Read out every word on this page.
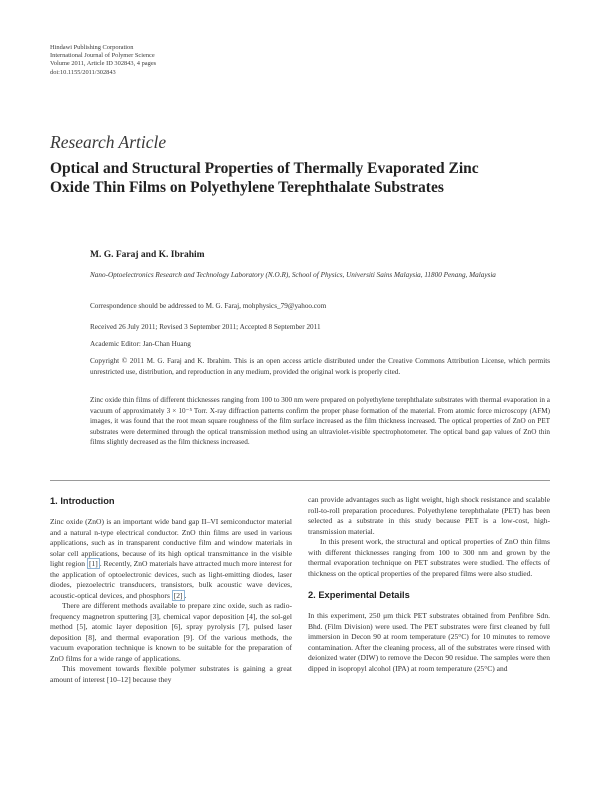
Hindawi Publishing Corporation
International Journal of Polymer Science
Volume 2011, Article ID 302843, 4 pages
doi:10.1155/2011/302843
Research Article
Optical and Structural Properties of Thermally Evaporated Zinc Oxide Thin Films on Polyethylene Terephthalate Substrates
M. G. Faraj and K. Ibrahim
Nano-Optoelectronics Research and Technology Laboratory (N.O.R), School of Physics, Universiti Sains Malaysia, 11800 Penang, Malaysia
Correspondence should be addressed to M. G. Faraj, mohphysics_79@yahoo.com
Received 26 July 2011; Revised 3 September 2011; Accepted 8 September 2011
Academic Editor: Jan-Chan Huang
Copyright © 2011 M. G. Faraj and K. Ibrahim. This is an open access article distributed under the Creative Commons Attribution License, which permits unrestricted use, distribution, and reproduction in any medium, provided the original work is properly cited.
Zinc oxide thin films of different thicknesses ranging from 100 to 300 nm were prepared on polyethylene terephthalate substrates with thermal evaporation in a vacuum of approximately 3 × 10⁻⁵ Torr. X-ray diffraction patterns confirm the proper phase formation of the material. From atomic force microscopy (AFM) images, it was found that the root mean square roughness of the film surface increased as the film thickness increased. The optical properties of ZnO on PET substrates were determined through the optical transmission method using an ultraviolet-visible spectrophotometer. The optical band gap values of ZnO thin films slightly decreased as the film thickness increased.
1. Introduction

Zinc oxide (ZnO) is an important wide band gap II–VI semiconductor material and a natural n-type electrical conductor. ZnO thin films are used in various applications, such as in transparent conductive film and window materials in solar cell applications, because of its high optical transmittance in the visible light region [1] . Recently, ZnO materials have attracted much more interest for the application of optoelectronic devices, such as light-emitting diodes, laser diodes, piezoelectric transducers, transistors, bulk acoustic wave devices, acoustic-optical devices, and phosphors [2] .

There are different methods available to prepare zinc oxide, such as radio-frequency magnetron sputtering [3], chemical vapor deposition [4], the sol-gel method [5], atomic layer deposition [6], spray pyrolysis [7], pulsed laser deposition [8], and thermal evaporation [9]. Of the various methods, the vacuum evaporation technique is known to be suitable for the preparation of ZnO films for a wide range of applications.

This movement towards flexible polymer substrates is gaining a great amount of interest [10–12] because they

can provide advantages such as light weight, high shock resistance and scalable roll-to-roll preparation procedures. Polyethylene terephthalate (PET) has been selected as a substrate in this study because PET is a low-cost, high-transmission material.

In this present work, the structural and optical properties of ZnO thin films with different thicknesses ranging from 100 to 300 nm and grown by the thermal evaporation technique on PET substrates were studied. The effects of thickness on the optical properties of the prepared films were also studied.

2. Experimental Details

In this experiment, 250 μm thick PET substrates obtained from Penfibre Sdn. Bhd. (Film Division) were used. The PET substrates were first cleaned by full immersion in Decon 90 at room temperature (25°C) for 10 minutes to remove contamination. After the cleaning process, all of the substrates were rinsed with deionized water (DIW) to remove the Decon 90 residue. The samples were then dipped in isopropyl alcohol (IPA) at room temperature (25°C) and
